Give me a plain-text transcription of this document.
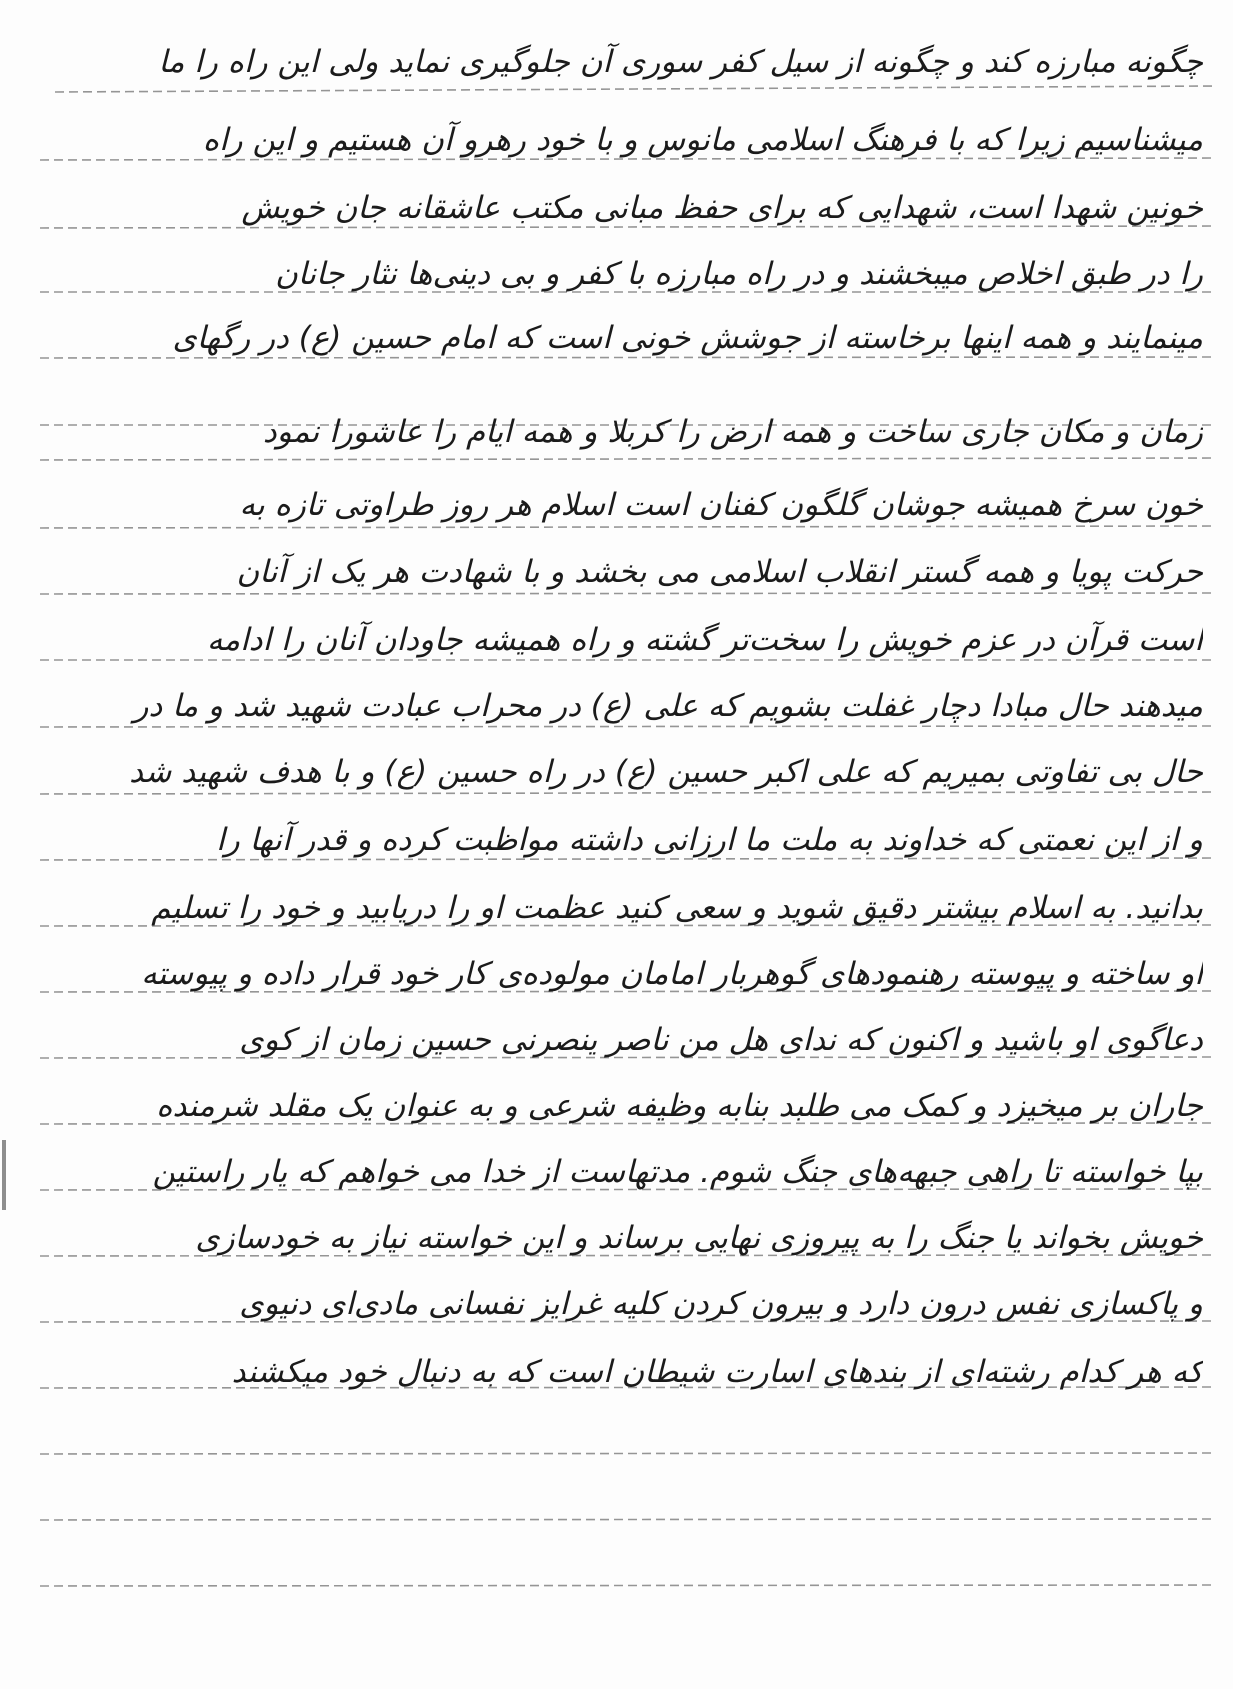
چگونه مبارزه کند و چگونه از سیل کفر سوری آن جلوگیری نماید ولی این راه را ما
میشناسیم زیرا که با فرهنگ اسلامی مانوس و با خود رهرو آن هستیم و این راه
خونین شهدا است، شهدایی که برای حفظ مبانی مکتب عاشقانه جان خویش
را در طبق اخلاص میبخشند و در راه مبارزه با کفر و بی دینی‌ها نثار جانان
مینمایند و همه اینها برخاسته از جوشش خونی است که امام حسین (ع) در رگهای
زمان و مکان جاری ساخت و همه ارض را کربلا و همه ایام را عاشورا نمود
خون سرخ همیشه جوشان گلگون کفنان است اسلام هر روز طراوتی تازه به
حرکت پویا و همه گستر انقلاب اسلامی می بخشد و با شهادت هر یک از آنان
است قرآن در عزم خویش را سخت‌تر گشته و راه همیشه جاودان آنان را ادامه
میدهند حال مبادا دچار غفلت بشویم که علی (ع) در محراب عبادت شهید شد و ما در
حال بی تفاوتی بمیریم که علی اکبر حسین (ع) در راه حسین (ع) و با هدف شهید شد
و از این نعمتی که خداوند به ملت ما ارزانی داشته مواظبت کرده و قدر آنها را
بدانید. به اسلام بیشتر دقیق شوید و سعی کنید عظمت او را دریابید و خود را تسلیم
او ساخته و پیوسته رهنمودهای گوهربار امامان مولوده‌ی کار خود قرار داده و پیوسته
دعاگوی او باشید و اکنون که ندای هل من ناصر ینصرنی حسین زمان از کوی
جاران بر میخیزد و کمک می طلبد بنابه وظیفه شرعی و به عنوان یک مقلد شرمنده
بپا خواسته تا راهی جبهه‌های جنگ شوم. مدتهاست از خدا می خواهم که یار راستین
خویش بخواند یا جنگ را به پیروزی نهایی برساند و این خواسته نیاز به خودسازی
و پاکسازی نفس درون دارد و بیرون کردن کلیه غرایز نفسانی مادی‌ای دنیوی
که هر کدام رشته‌ای از بندهای اسارت شیطان است که به دنبال خود میکشند
